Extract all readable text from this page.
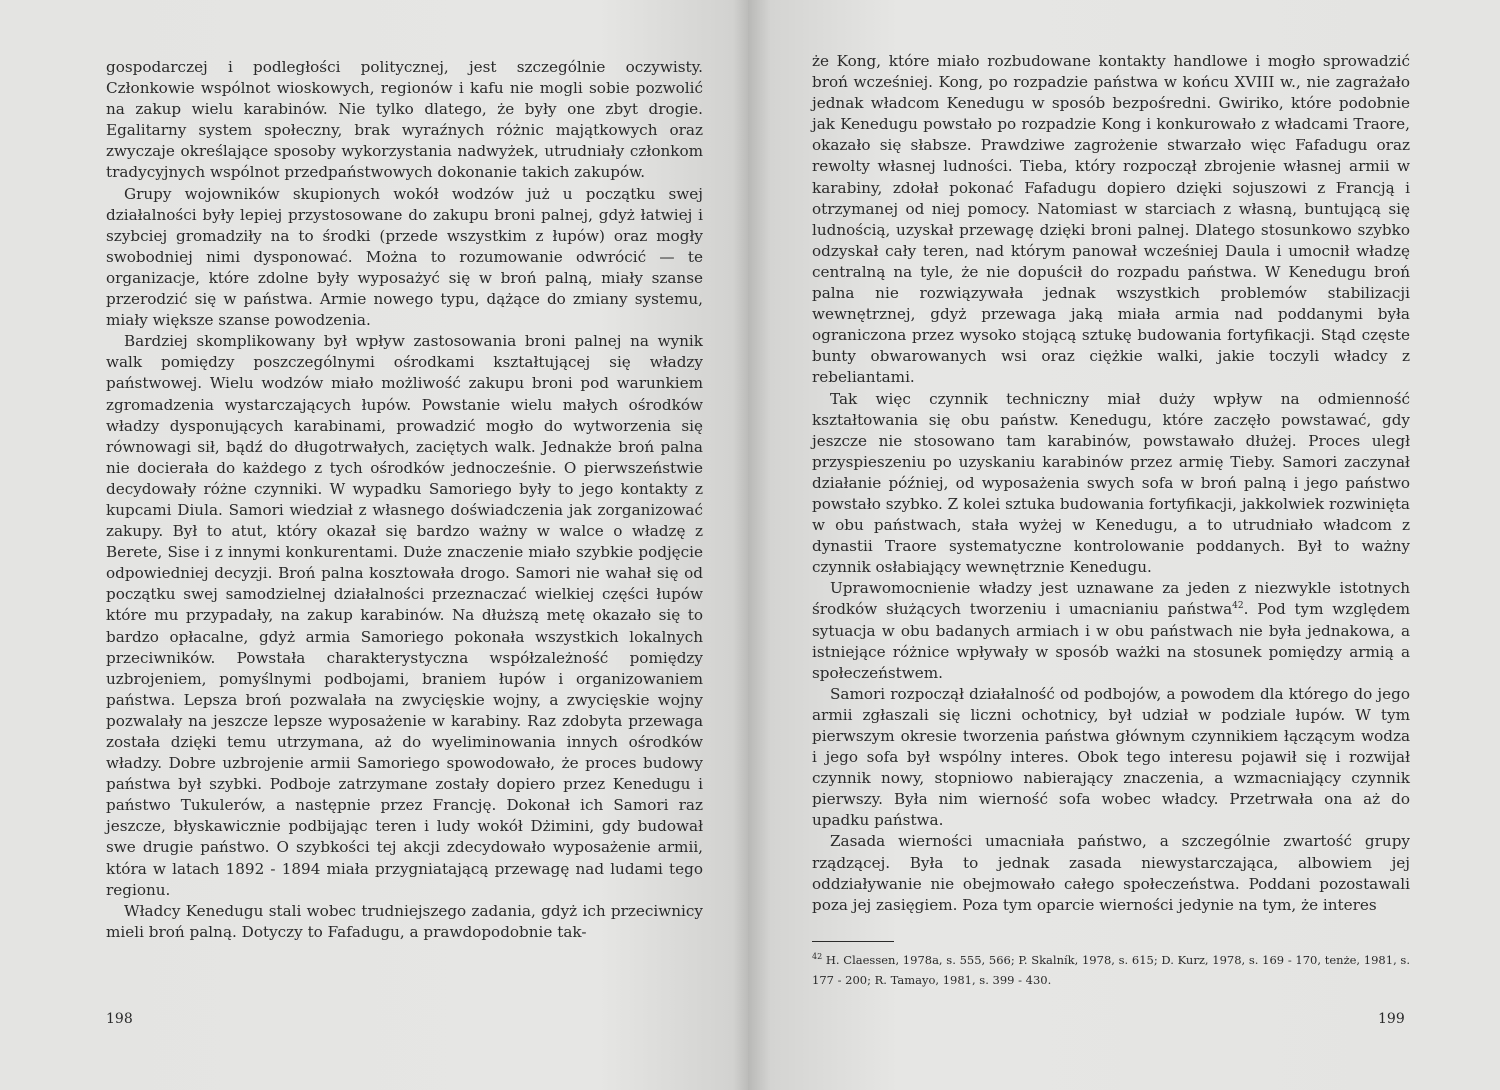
gospodarczej i podległości politycznej, jest szczególnie oczywisty. Członkowie wspólnot wioskowych, regionów i kafu nie mogli sobie pozwolić na zakup wielu karabinów. Nie tylko dlatego, że były one zbyt drogie. Egalitarny system społeczny, brak wyraźnych różnic majątkowych oraz zwyczaje określające sposoby wykorzystania nadwyżek, utrudniały członkom tradycyjnych wspólnot przedpaństwowych dokonanie takich zakupów.

Grupy wojowników skupionych wokół wodzów już u początku swej działalności były lepiej przystosowane do zakupu broni palnej, gdyż łatwiej i szybciej gromadziły na to środki (przede wszystkim z łupów) oraz mogły swobodniej nimi dysponować. Można to rozumowanie odwrócić — te organizacje, które zdolne były wyposażyć się w broń palną, miały szanse przerodzić się w państwa. Armie nowego typu, dążące do zmiany systemu, miały większe szanse powodzenia.

Bardziej skomplikowany był wpływ zastosowania broni palnej na wynik walk pomiędzy poszczególnymi ośrodkami kształtującej się władzy państwowej. Wielu wodzów miało możliwość zakupu broni pod warunkiem zgromadzenia wystarczających łupów. Powstanie wielu małych ośrodków władzy dysponujących karabinami, prowadzić mogło do wytworzenia się równowagi sił, bądź do długotrwałych, zaciętych walk. Jednakże broń palna nie docierała do każdego z tych ośrodków jednocześnie. O pierwszeństwie decydowały różne czynniki. W wypadku Samoriego były to jego kontakty z kupcami Diula. Samori wiedział z własnego doświadczenia jak zorganizować zakupy. Był to atut, który okazał się bardzo ważny w walce o władzę z Berete, Sise i z innymi konkurentami. Duże znaczenie miało szybkie podjęcie odpowiedniej decyzji. Broń palna kosztowała drogo. Samori nie wahał się od początku swej samodzielnej działalności przeznaczać wielkiej części łupów które mu przypadały, na zakup karabinów. Na dłuższą metę okazało się to bardzo opłacalne, gdyż armia Samoriego pokonała wszystkich lokalnych przeciwników. Powstała charakterystyczna współzależność pomiędzy uzbrojeniem, pomyślnymi podbojami, braniem łupów i organizowaniem państwa. Lepsza broń pozwalała na zwycięskie wojny, a zwycięskie wojny pozwalały na jeszcze lepsze wyposażenie w karabiny. Raz zdobyta przewaga została dzięki temu utrzymana, aż do wyeliminowania innych ośrodków władzy. Dobre uzbrojenie armii Samoriego spowodowało, że proces budowy państwa był szybki. Podboje zatrzymane zostały dopiero przez Kenedugu i państwo Tukulerów, a następnie przez Francję. Dokonał ich Samori raz jeszcze, błyskawicznie podbijając teren i ludy wokół Dżimini, gdy budował swe drugie państwo. O szybkości tej akcji zdecydowało wyposażenie armii, która w latach 1892 - 1894 miała przygniatającą przewagę nad ludami tego regionu.

Władcy Kenedugu stali wobec trudniejszego zadania, gdyż ich przeciwnicy mieli broń palną. Dotyczy to Fafadugu, a prawdopodobnie tak-

że Kong, które miało rozbudowane kontakty handlowe i mogło sprowadzić broń wcześniej. Kong, po rozpadzie państwa w końcu XVIII w., nie zagrażało jednak władcom Kenedugu w sposób bezpośredni. Gwiriko, które podobnie jak Kenedugu powstało po rozpadzie Kong i konkurowało z władcami Traore, okazało się słabsze. Prawdziwe zagrożenie stwarzało więc Fafadugu oraz rewolty własnej ludności. Tieba, który rozpoczął zbrojenie własnej armii w karabiny, zdołał pokonać Fafadugu dopiero dzięki sojuszowi z Francją i otrzymanej od niej pomocy. Natomiast w starciach z własną, buntującą się ludnością, uzyskał przewagę dzięki broni palnej. Dlatego stosunkowo szybko odzyskał cały teren, nad którym panował wcześniej Daula i umocnił władzę centralną na tyle, że nie dopuścił do rozpadu państwa. W Kenedugu broń palna nie rozwiązywała jednak wszystkich problemów stabilizacji wewnętrznej, gdyż przewaga jaką miała armia nad poddanymi była ograniczona przez wysoko stojącą sztukę budowania fortyfikacji. Stąd częste bunty obwarowanych wsi oraz ciężkie walki, jakie toczyli władcy z rebeliantami.

Tak więc czynnik techniczny miał duży wpływ na odmienność kształtowania się obu państw. Kenedugu, które zaczęło powstawać, gdy jeszcze nie stosowano tam karabinów, powstawało dłużej. Proces uległ przyspieszeniu po uzyskaniu karabinów przez armię Tieby. Samori zaczynał działanie później, od wyposażenia swych sofa w broń palną i jego państwo powstało szybko. Z kolei sztuka budowania fortyfikacji, jakkolwiek rozwinięta w obu państwach, stała wyżej w Kenedugu, a to utrudniało władcom z dynastii Traore systematyczne kontrolowanie poddanych. Był to ważny czynnik osłabiający wewnętrznie Kenedugu.

Uprawomocnienie władzy jest uznawane za jeden z niezwykle istotnych środków służących tworzeniu i umacnianiu państwa$^{42}$. Pod tym względem sytuacja w obu badanych armiach i w obu państwach nie była jednakowa, a istniejące różnice wpływały w sposób ważki na stosunek pomiędzy armią a społeczeństwem.

Samori rozpoczął działalność od podbojów, a powodem dla którego do jego armii zgłaszali się liczni ochotnicy, był udział w podziale łupów. W tym pierwszym okresie tworzenia państwa głównym czynnikiem łączącym wodza i jego sofa był wspólny interes. Obok tego interesu pojawił się i rozwijał czynnik nowy, stopniowo nabierający znaczenia, a wzmacniający czynnik pierwszy. Była nim wierność sofa wobec władcy. Przetrwała ona aż do upadku państwa.

Zasada wierności umacniała państwo, a szczególnie zwartość grupy rządzącej. Była to jednak zasada niewystarczająca, albowiem jej oddziaływanie nie obejmowało całego społeczeństwa. Poddani pozostawali poza jej zasięgiem. Poza tym oparcie wierności jedynie na tym, że interes

$^{42}$ H. Claessen, 1978a, s. 555, 566; P. Skalník, 1978, s. 615; D. Kurz, 1978, s. 169 - 170, tenże, 1981, s. 177 - 200; R. Tamayo, 1981, s. 399 - 430.
198	199
